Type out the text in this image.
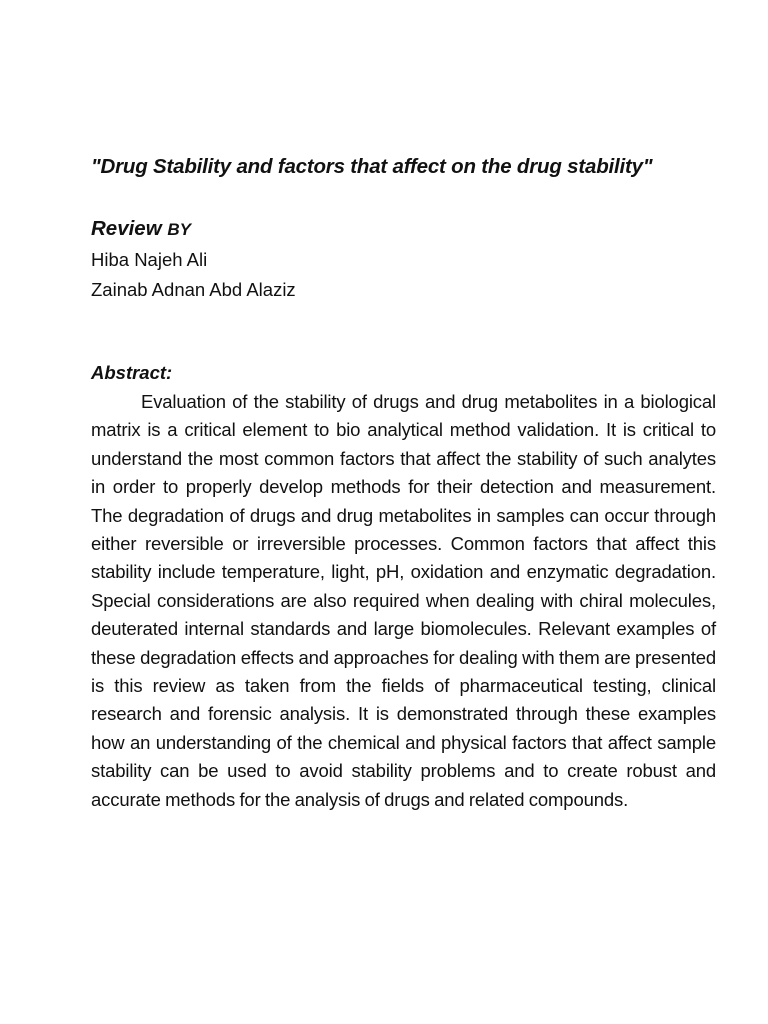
"Drug Stability and factors that affect on the drug stability"
Review BY
Hiba Najeh Ali
Zainab Adnan Abd Alaziz
Abstract:
Evaluation of the stability of drugs and drug metabolites in a biological matrix is a critical element to bio analytical method validation. It is critical to understand the most common factors that affect the stability of such analytes in order to properly develop methods for their detection and measurement. The degradation of drugs and drug metabolites in samples can occur through either reversible or irreversible processes. Common factors that affect this stability include temperature, light, pH, oxidation and enzymatic degradation. Special considerations are also required when dealing with chiral molecules, deuterated internal standards and large biomolecules. Relevant examples of these degradation effects and approaches for dealing with them are presented is this review as taken from the fields of pharmaceutical testing, clinical research and forensic analysis. It is demonstrated through these examples how an understanding of the chemical and physical factors that affect sample stability can be used to avoid stability problems and to create robust and accurate methods for the analysis of drugs and related compounds.
